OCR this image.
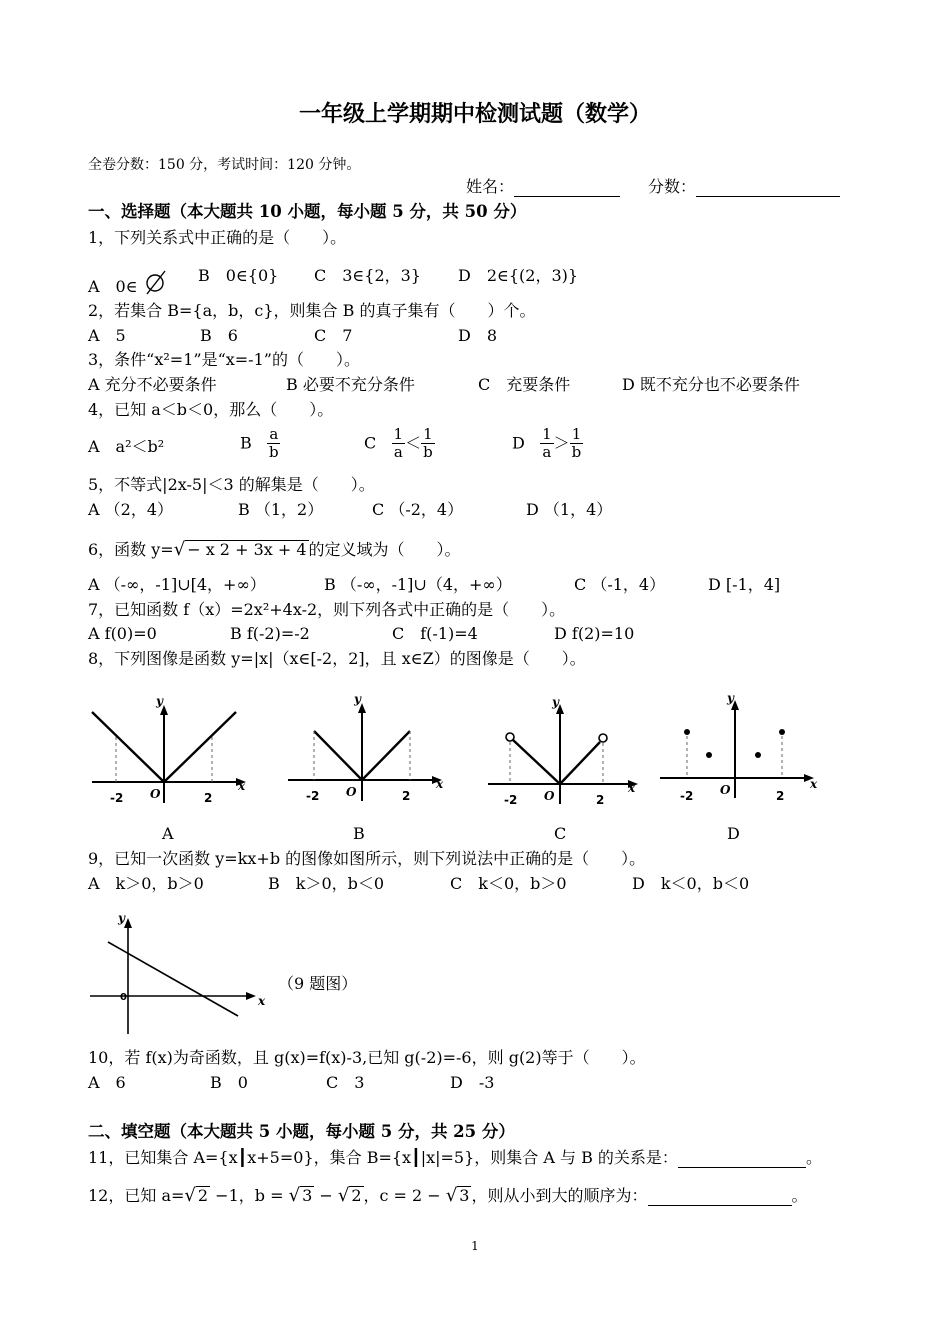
一年级上学期期中检测试题（数学）
全卷分数：150 分，考试时间：120 分钟。
姓名：	分数：
一、选择题（本大题共 10 小题，每小题 5 分，共 50 分）
1，下列关系式中正确的是（　　）。
A　0∈
B　0∈{0} C　3∈{2，3} D　2∈{(2，3)}
2，若集合 B={a，b，c}，则集合 B 的真子集有（　　）个。
A　5	B　6	C　7	D　8
3，条件“x²=1”是“x=-1”的（　　）。
A 充分不必要条件	B 必要不充分条件	C　充要条件	D 既不充分也不必要条件
4，已知 a＜b＜0，那么（　　）。
A　a²＜b²	B $\frac{a}{b}$	C $\frac{1}{a} < \frac{1}{b}$	D $\frac{1}{a} > \frac{1}{b}$
5，不等式|2x-5|＜3 的解集是（　　）。
A （2，4）	B （1，2）	C （-2，4）	D （1，4）
6，函数 y=√ − x 2 + 3x + 4 的定义域为（　　）。
A （-∞，-1]∪[4，+∞）	B （-∞，-1]∪（4，+∞）	C （-1，4）	D [-1，4]
7，已知函数 f（x）=2x²+4x-2，则下列各式中正确的是（　　）。
A f(0)=0	B f(-2)=-2	C　f(-1)=4	D f(2)=10
8，下列图像是函数 y=|x|（x∈[-2，2]，且 x∈Z）的图像是（　　）。
y
x
O
-2	2
y
x
O
-2	2
y
x
O
-2	2
y
x
O
-2	2
A	B	C	D
9，已知一次函数 y=kx+b 的图像如图所示，则下列说法中正确的是（　　）。
A　k＞0，b＞0	B　k＞0，b＜0	C　k＜0，b＞0	D　k＜0，b＜0
y
x
0
（9 题图）
10，若 f(x)为奇函数，且 g(x)=f(x)-3,已知 g(-2)=-6，则 g(2)等于（　　）。
A　6	B　0	C　3	D　-3
二、填空题（本大题共 5 小题，每小题 5 分，共 25 分）
11，已知集合 A={x┃x+5=0}，集合 B={x┃|x|=5}，则集合 A 与 B 的关系是：	。
12，已知 a=√ 2 −1，b = √ 3 − √ 2 ，c = 2 − √ 3 ，则从小到大的顺序为：	。
1
